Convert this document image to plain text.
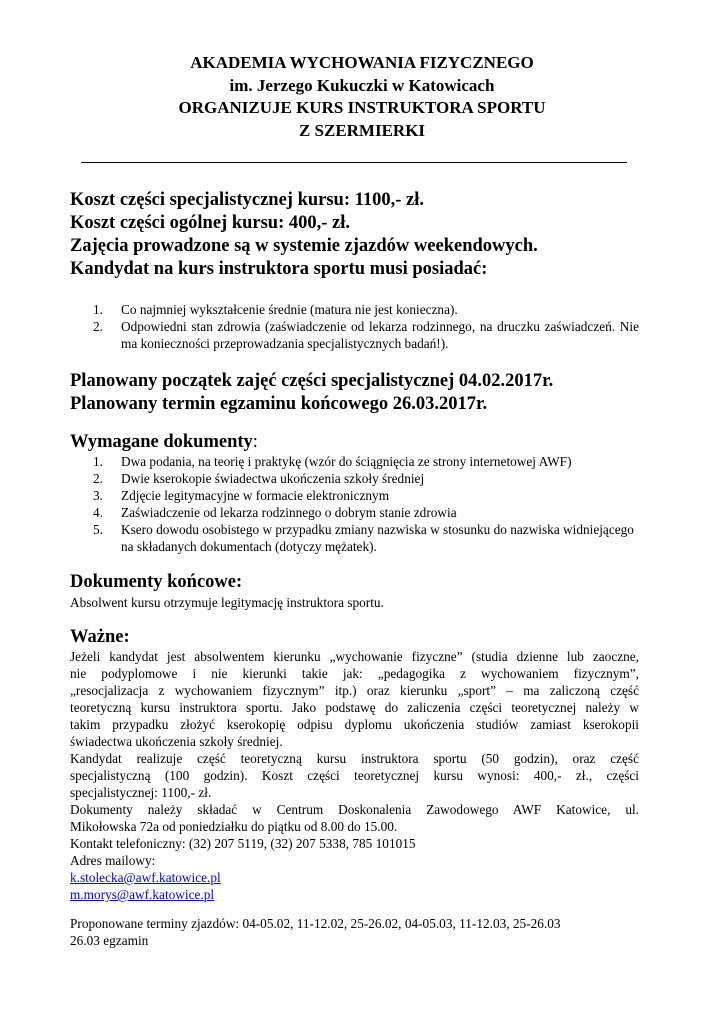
AKADEMIA WYCHOWANIA FIZYCZNEGO
im. Jerzego Kukuczki w Katowicach
ORGANIZUJE KURS INSTRUKTORA SPORTU
Z SZERMIERKI
Koszt części specjalistycznej kursu: 1100,- zł.
Koszt części ogólnej kursu: 400,- zł.
Zajęcia prowadzone są w systemie zjazdów weekendowych.
Kandydat na kurs instruktora sportu musi posiadać:
1. Co najmniej wykształcenie średnie (matura nie jest konieczna).
2. Odpowiedni stan zdrowia (zaświadczenie od lekarza rodzinnego, na druczku zaświadczeń. Nie ma konieczności przeprowadzania specjalistycznych badań!).
Planowany początek zajęć części specjalistycznej 04.02.2017r.
Planowany termin egzaminu końcowego 26.03.2017r.
Wymagane dokumenty:
1. Dwa podania, na teorię i praktykę (wzór do ściągnięcia ze strony internetowej AWF)
2. Dwie kserokopie świadectwa ukończenia szkoły średniej
3. Zdjęcie legitymacyjne w formacie elektronicznym
4. Zaświadczenie od lekarza rodzinnego o dobrym stanie zdrowia
5. Ksero dowodu osobistego w przypadku zmiany nazwiska w stosunku do nazwiska widniejącego na składanych dokumentach (dotyczy mężatek).
Dokumenty końcowe:
Absolwent kursu otrzymuje legitymację instruktora sportu.
Ważne:
Jeżeli kandydat jest absolwentem kierunku „wychowanie fizyczne” (studia dzienne lub zaoczne,
nie podyplomowe i nie kierunki takie jak: „pedagogika z wychowaniem fizycznym”,
„resocjalizacja z wychowaniem fizycznym” itp.) oraz kierunku „sport” – ma zaliczoną część
teoretyczną kursu instruktora sportu. Jako podstawę do zaliczenia części teoretycznej należy w
takim przypadku złożyć kserokopię odpisu dyplomu ukończenia studiów zamiast kserokopii
świadectwa ukończenia szkoły średniej.
Kandydat realizuje część teoretyczną kursu instruktora sportu (50 godzin), oraz część
specjalistyczną (100 godzin). Koszt części teoretycznej kursu wynosi: 400,- zł., części
specjalistycznej: 1100,- zł.
Dokumenty należy składać w Centrum Doskonalenia Zawodowego AWF Katowice, ul.
Mikołowska 72a od poniedziałku do piątku od 8.00 do 15.00.
Kontakt telefoniczny: (32) 207 5119, (32) 207 5338, 785 101015
Adres mailowy:
k.stolecka@awf.katowice.pl
m.morys@awf.katowice.pl
Proponowane terminy zjazdów: 04-05.02, 11-12.02, 25-26.02, 04-05.03, 11-12.03, 25-26.03
26.03 egzamin
